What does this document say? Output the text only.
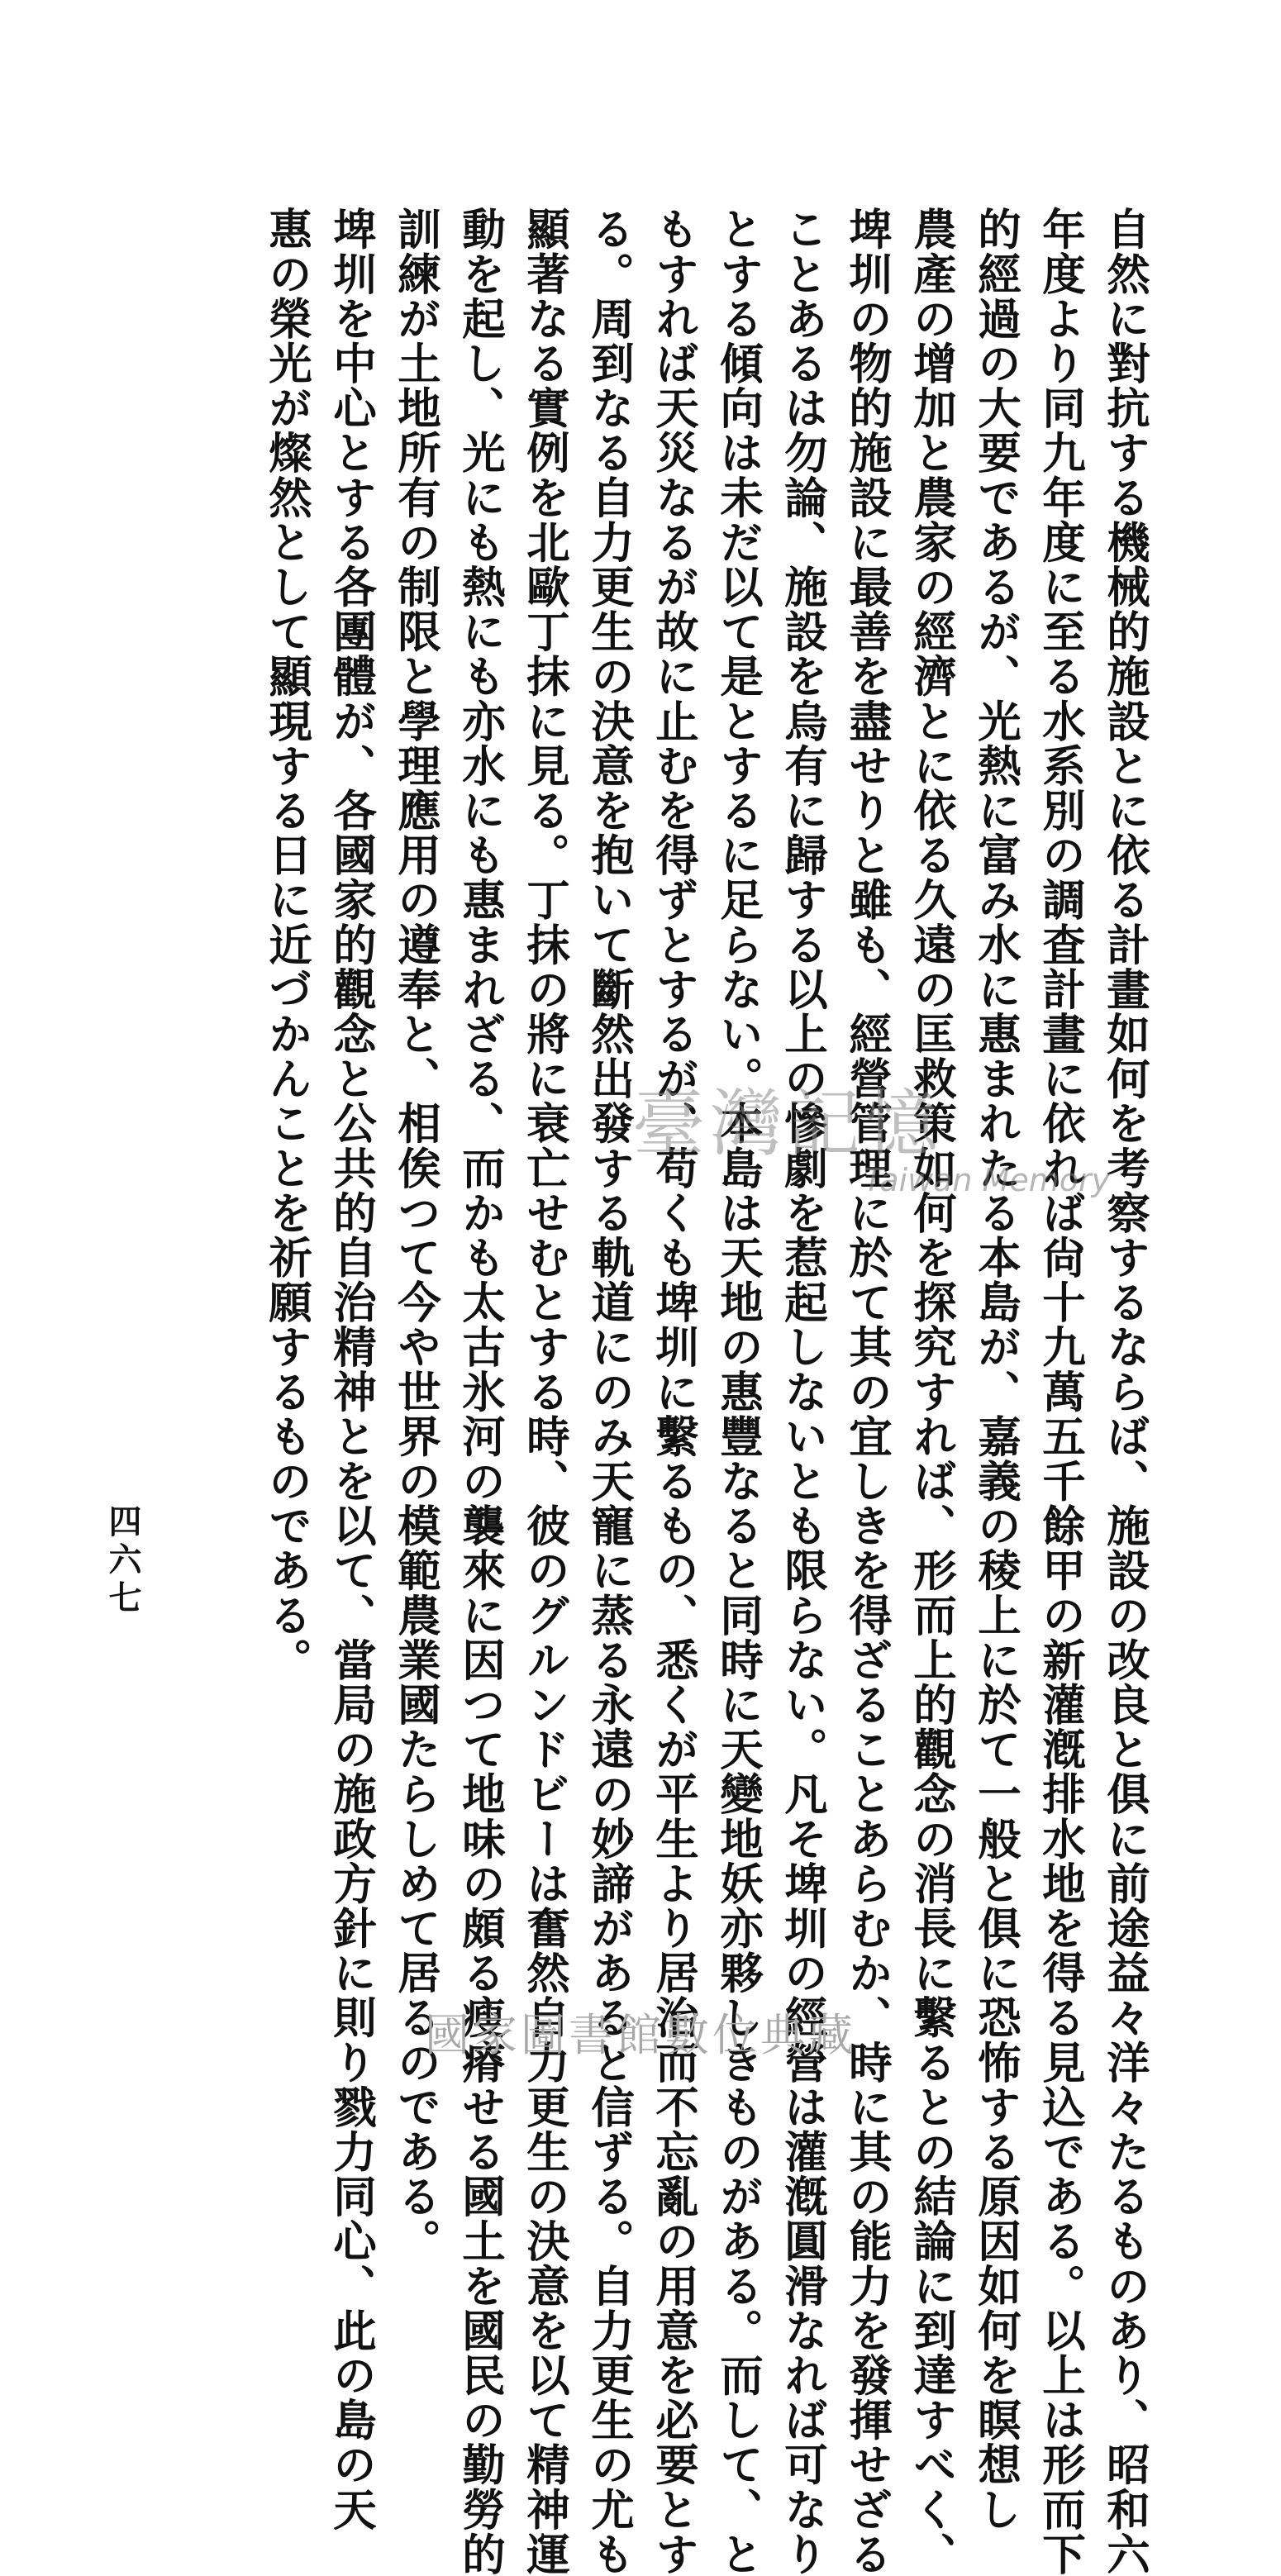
自然に對抗する機械的施設とに依る計畫如何を考察するならば、施設の改良と俱に前途益々洋々たるものあり、昭和六
年度より同九年度に至る水系別の調査計畫に依れば尙十九萬五千餘甲の新灌漑排水地を得る見込である。以上は形而下
的經過の大要であるが、光熱に富み水に惠まれたる本島が、嘉義の稜上に於て一般と俱に恐怖する原因如何を瞑想し
農產の增加と農家の經濟とに依る久遠の匡救策如何を探究すれば、形而上的觀念の消長に繫るとの結論に到達すべく、
埤圳の物的施設に最善を盡せりと雖も、經營管理に於て其の宜しきを得ざることあらむか、時に其の能力を發揮せざる
ことあるは勿論、施設を烏有に歸する以上の慘劇を惹起しないとも限らない。凡そ埤圳の經營は灌漑圓滑なれば可なり
とする傾向は未だ以て是とするに足らない。本島は天地の惠豐なると同時に天變地妖亦夥しきものがある。而して、と
もすれば天災なるが故に止むを得ずとするが、苟くも埤圳に繫るもの、悉くが平生より居治而不忘亂の用意を必要とす
る。周到なる自力更生の決意を抱いて斷然出發する軌道にのみ天寵に蒸る永遠の妙諦があると信ずる。自力更生の尤も
顯著なる實例を北歐丁抹に見る。丁抹の將に衰亡せむとする時、彼のグルンドビーは奮然自力更生の決意を以て精神運
動を起し、光にも熱にも亦水にも惠まれざる、而かも太古氷河の襲來に因つて地味の頗る瘦瘠せる國土を國民の勤勞的
訓練が土地所有の制限と學理應用の遵奉と、相俟つて今や世界の模範農業國たらしめて居るのである。
埤圳を中心とする各團體が、各國家的觀念と公共的自治精神とを以て、當局の施政方針に則り戮力同心、此の島の天
惠の榮光が燦然として顯現する日に近づかんことを祈願するものである。
四六七
臺灣記憶
Taiwan Memory
國家圖書館數位典藏
